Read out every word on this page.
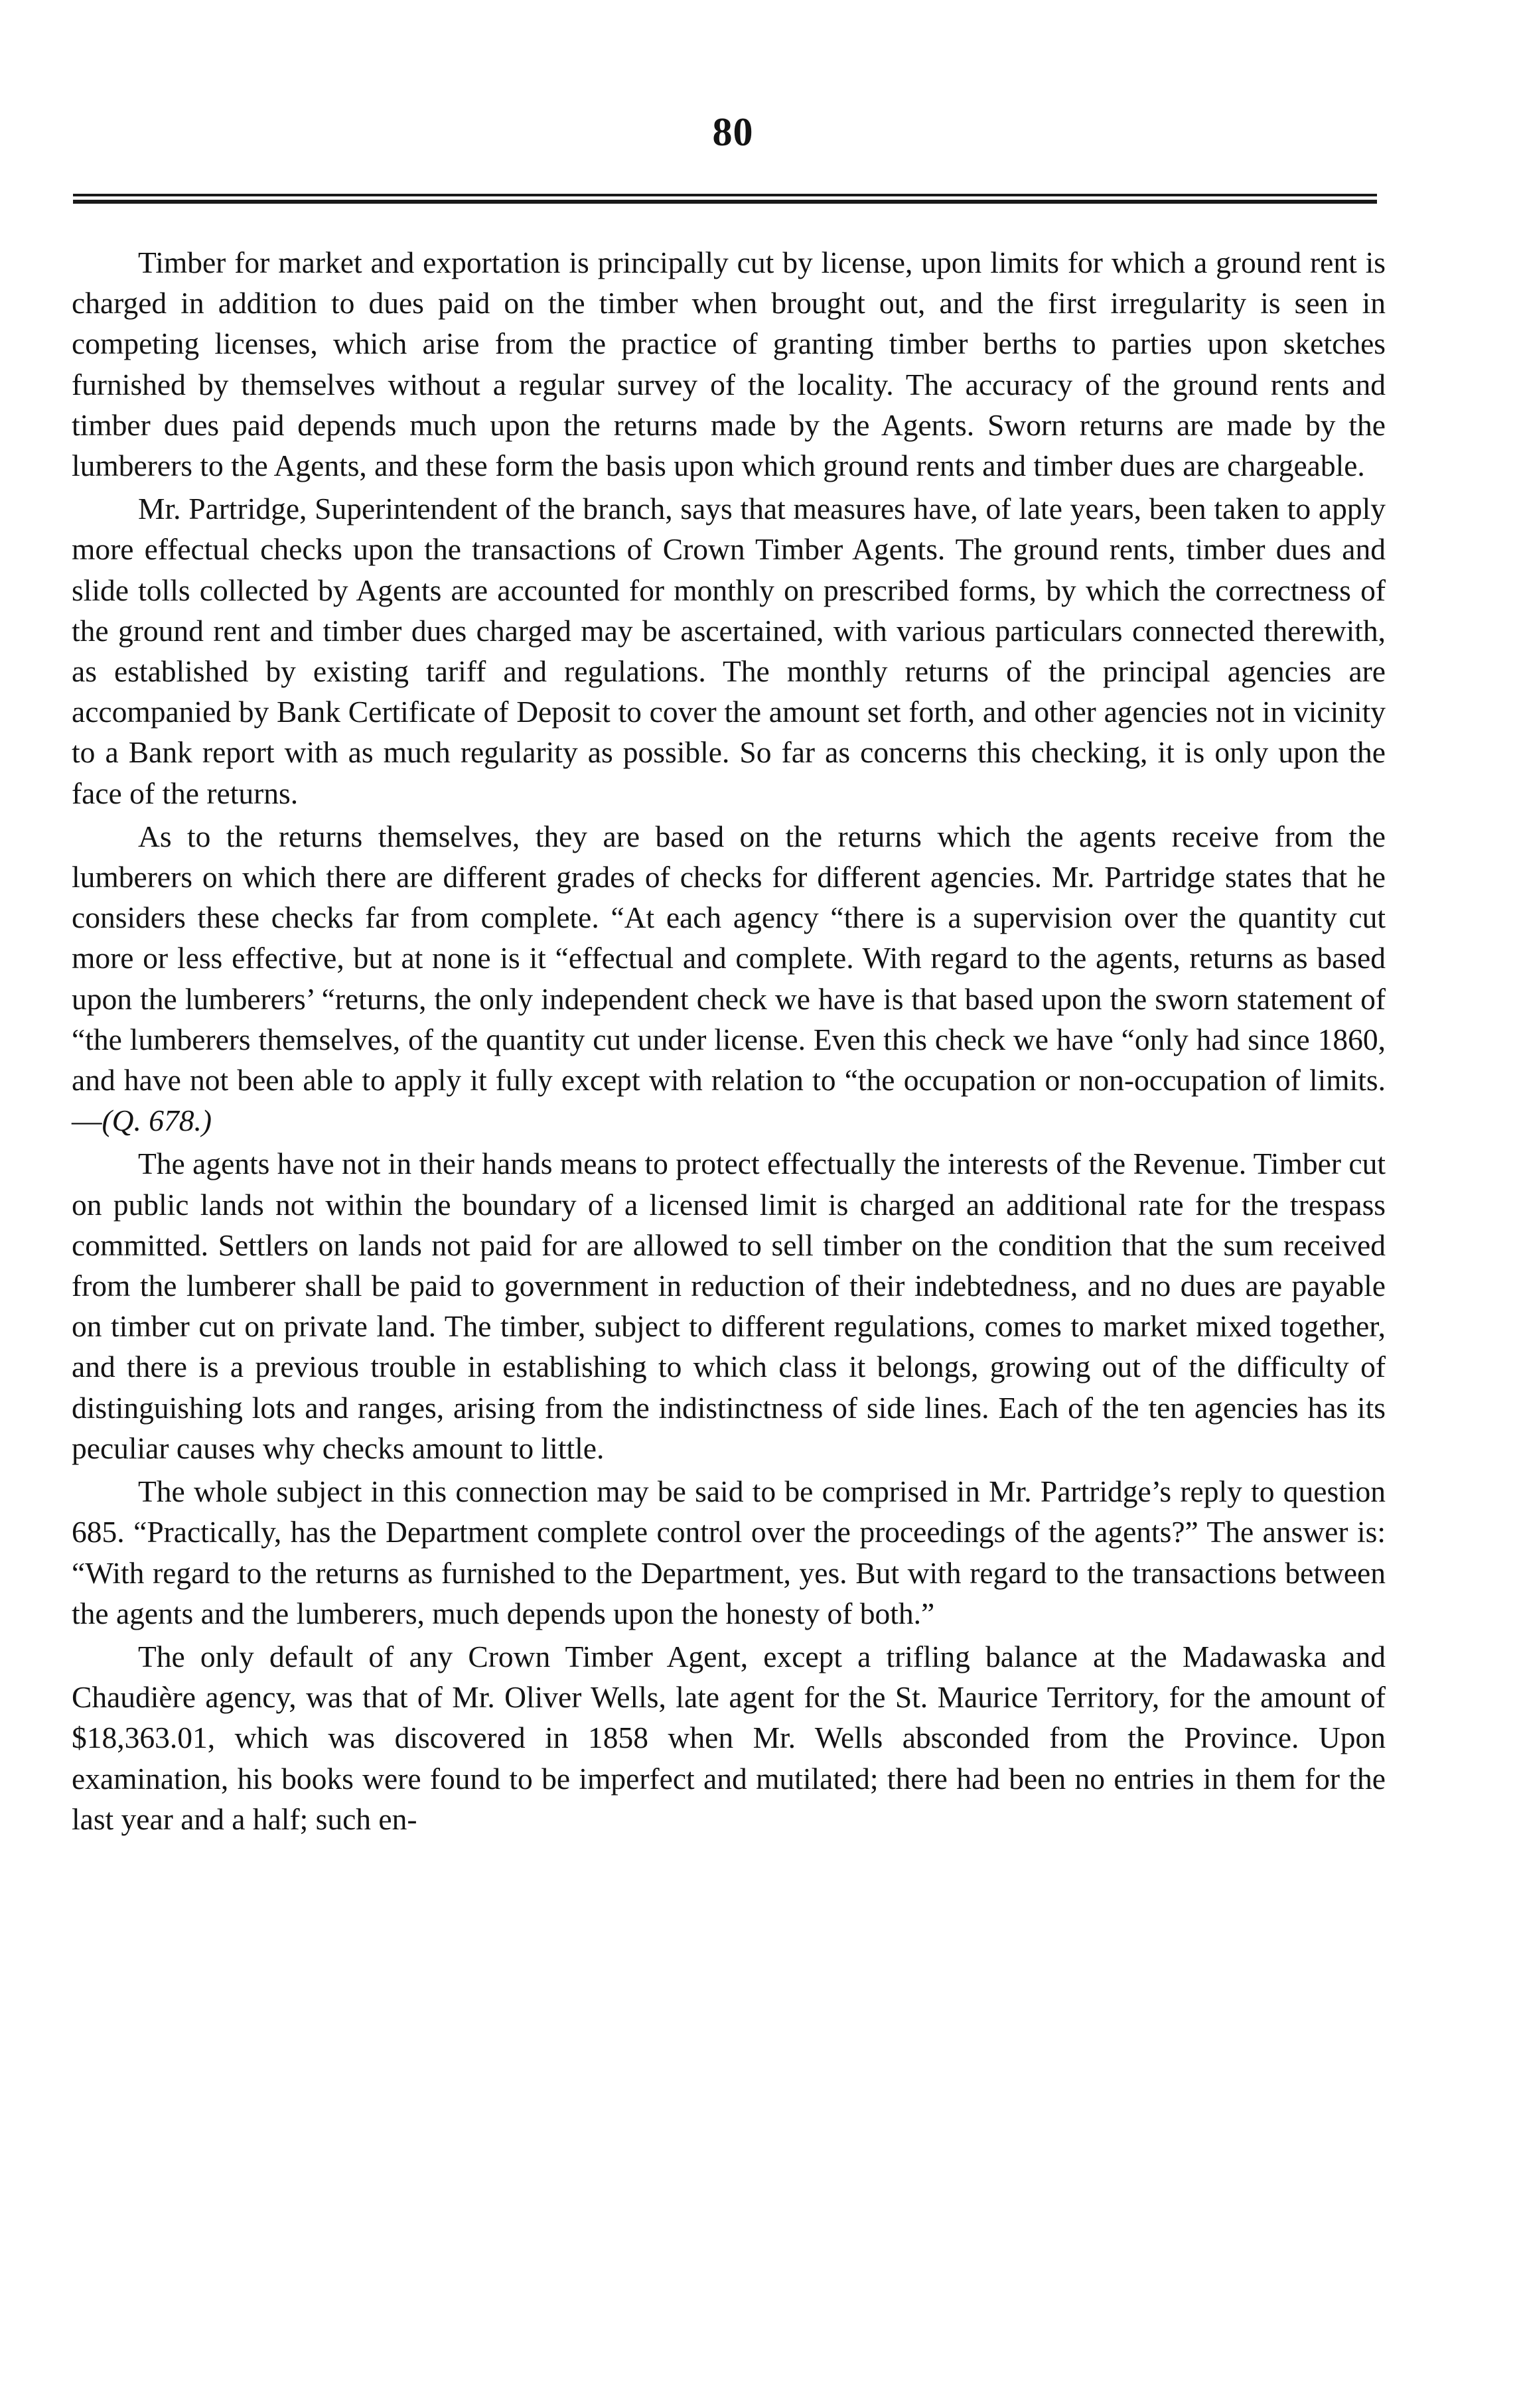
80

Timber for market and exportation is principally cut by license, upon limits for which a ground rent is charged in addition to dues paid on the timber when brought out, and the first irregularity is seen in competing licenses, which arise from the practice of granting timber berths to parties upon sketches furnished by themselves without a regular survey of the locality. The accuracy of the ground rents and timber dues paid depends much upon the returns made by the Agents. Sworn returns are made by the lumberers to the Agents, and these form the basis upon which ground rents and timber dues are chargeable.

Mr. Partridge, Superintendent of the branch, says that measures have, of late years, been taken to apply more effectual checks upon the transactions of Crown Timber Agents. The ground rents, timber dues and slide tolls collected by Agents are accounted for monthly on prescribed forms, by which the correctness of the ground rent and timber dues charged may be ascertained, with various particulars connected therewith, as established by existing tariff and regulations. The monthly returns of the principal agencies are accompanied by Bank Certificate of Deposit to cover the amount set forth, and other agencies not in vicinity to a Bank report with as much regularity as possible. So far as concerns this checking, it is only upon the face of the returns.

As to the returns themselves, they are based on the returns which the agents receive from the lumberers on which there are different grades of checks for different agencies. Mr. Partridge states that he considers these checks far from complete. “At each agency “there is a supervision over the quantity cut more or less effective, but at none is it “effectual and complete. With regard to the agents, returns as based upon the lumberers’ “returns, the only independent check we have is that based upon the sworn statement of “the lumberers themselves, of the quantity cut under license. Even this check we have “only had since 1860, and have not been able to apply it fully except with relation to “the occupation or non-occupation of limits.—(Q. 678.)

The agents have not in their hands means to protect effectually the interests of the Revenue. Timber cut on public lands not within the boundary of a licensed limit is charged an additional rate for the trespass committed. Settlers on lands not paid for are allowed to sell timber on the condition that the sum received from the lumberer shall be paid to government in reduction of their indebtedness, and no dues are payable on timber cut on private land. The timber, subject to different regulations, comes to market mixed together, and there is a previous trouble in establishing to which class it belongs, growing out of the difficulty of distinguishing lots and ranges, arising from the indistinctness of side lines. Each of the ten agencies has its peculiar causes why checks amount to little.

The whole subject in this connection may be said to be comprised in Mr. Partridge’s reply to question 685. “Practically, has the Department complete control over the proceedings of the agents?” The answer is: “With regard to the returns as furnished to the Department, yes. But with regard to the transactions between the agents and the lumberers, much depends upon the honesty of both.”

The only default of any Crown Timber Agent, except a trifling balance at the Madawaska and Chaudière agency, was that of Mr. Oliver Wells, late agent for the St. Maurice Territory, for the amount of $18,363.01, which was discovered in 1858 when Mr. Wells absconded from the Province. Upon examination, his books were found to be imperfect and mutilated; there had been no entries in them for the last year and a half; such en-
